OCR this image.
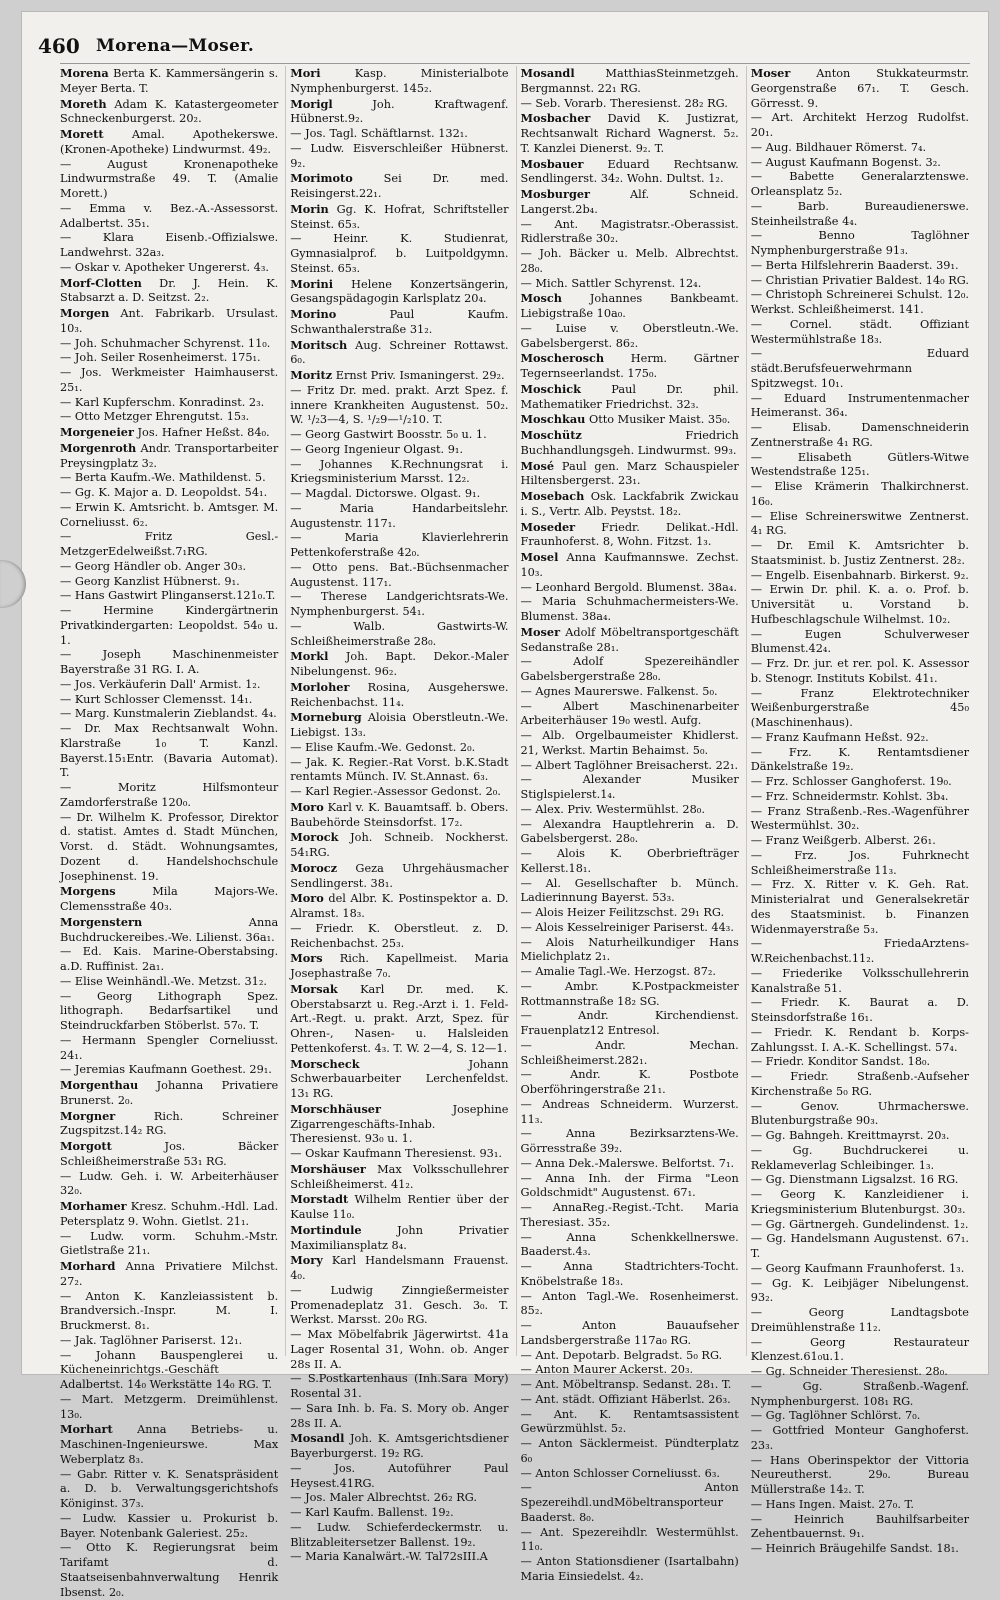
460 Morena—Moser.
Morena Berta K. Kammersängerin s. Meyer Berta. T.
Moreth Adam K. Katastergeometer Schneckenburgerst. 20₂.
Morett Amal. Apothekerswe. (Kronen-Apotheke) Lindwurmst. 49₂.
— August Kronenapotheke Lindwurmstraße 49. T. (Amalie Morett.)
— Emma v. Bez.-A.-Assessorst. Adalbertst. 35₁.
— Klara Eisenb.-Offizialswe. Landwehrst. 32a₃.
— Oskar v. Apotheker Ungererst. 4₃.
Morf-Clotten Dr. J. Hein. K. Stabsarzt a. D. Seitzst. 2₂.
Morgen Ant. Fabrikarb. Ursulast. 10₃.
— Joh. Schuhmacher Schyrenst. 11₀.
— Joh. Seiler Rosenheimerst. 175₁.
— Jos. Werkmeister Haimhauserst. 25₁.
— Karl Kupferschm. Konradinst. 2₃.
— Otto Metzger Ehrengutst. 15₃.
Morgeneier Jos. Hafner Heßst. 84₀.
Morgenroth Andr. Transportarbeiter Preysingplatz 3₂.
— Berta Kaufm.-We. Mathildenst. 5.
— Gg. K. Major a. D. Leopoldst. 54₁.
— Erwin K. Amtsricht. b. Amtsger. M. Corneliusst. 6₂.
— Fritz Gesl.-MetzgerEdelweißst.7₁RG.
— Georg Händler ob. Anger 30₃.
— Georg Kanzlist Hübnerst. 9₁.
— Hans Gastwirt Plinganserst.121₀.T.
— Hermine Kindergärtnerin Privatkindergarten: Leopoldst. 54₀ u. 1.
— Joseph Maschinenmeister Bayerstraße 31 RG. I. A.
— Jos. Verkäuferin Dall' Armist. 1₂.
— Kurt Schlosser Clemensst. 14₁.
— Marg. Kunstmalerin Zieblandst. 4₄.
— Dr. Max Rechtsanwalt Wohn. Klarstraße 1₀ T. Kanzl. Bayerst.15₁Entr. (Bavaria Automat). T.
— Moritz Hilfsmonteur Zamdorferstraße 120₀.
— Dr. Wilhelm K. Professor, Direktor d. statist. Amtes d. Stadt München, Vorst. d. Städt. Wohnungsamtes, Dozent d. Handelshochschule Josephinenst. 19.
Morgens Mila Majors-We. Clemensstraße 40₃.
Morgenstern Anna Buchdruckereibes.-We. Lilienst. 36a₁.
— Ed. Kais. Marine-Oberstabsing. a.D. Ruffinist. 2a₁.
— Elise Weinhändl.-We. Metzst. 31₂.
— Georg Lithograph Spez. lithograph. Bedarfsartikel und Steindruckfarben Stöberlst. 57₀. T.
— Hermann Spengler Corneliusst. 24₁.
— Jeremias Kaufmann Goethest. 29₁.
Morgenthau Johanna Privatiere Brunerst. 2₀.
Morgner Rich. Schreiner Zugspitzst.14₂ RG.
Morgott Jos. Bäcker Schleißheimerstraße 53₁ RG.
— Ludw. Geh. i. W. Arbeiterhäuser 32₀.
Morhamer Kresz. Schuhm.-Hdl. Lad. Petersplatz 9. Wohn. Gietlst. 21₁.
— Ludw. vorm. Schuhm.-Mstr. Gietlstraße 21₁.
Morhard Anna Privatiere Milchst. 27₂.
— Anton K. Kanzleiassistent b. Brandversich.-Inspr. M. I. Bruckmerst. 8₁.
— Jak. Taglöhner Pariserst. 12₁.
— Johann Bauspenglerei u. Kücheneinrichtgs.-Geschäft Adalbertst. 14₀ Werkstätte 14₀ RG. T.
— Mart. Metzgerm. Dreimühlenst. 13₀.
Morhart Anna Betriebs- u. Maschinen-Ingenieurswe. Max Weberplatz 8₃.
— Gabr. Ritter v. K. Senatspräsident a. D. b. Verwaltungsgerichtshofs Königinst. 37₃.
— Ludw. Kassier u. Prokurist b. Bayer. Notenbank Galeriest. 25₂.
— Otto K. Regierungsrat beim Tarifamt d. Staatseisenbahnverwaltung Henrik Ibsenst. 2₀.
Mori Kasp. Ministerialbote Nymphenburgerst. 145₂.
Morigl Joh. Kraftwagenf. Hübnerst.9₂.
— Jos. Tagl. Schäftlarnst. 132₁.
— Ludw. Eisverschleißer Hübnerst. 9₂.
Morimoto Sei Dr. med. Reisingerst.22₁.
Morin Gg. K. Hofrat, Schriftsteller Steinst. 65₃.
— Heinr. K. Studienrat, Gymnasialprof. b. Luitpoldgymn. Steinst. 65₃.
Morini Helene Konzertsängerin, Gesangspädagogin Karlsplatz 20₄.
Morino Paul Kaufm. Schwanthalerstraße 31₂.
Moritsch Aug. Schreiner Rottawst. 6₀.
Moritz Ernst Priv. Ismaningerst. 29₂.
— Fritz Dr. med. prakt. Arzt Spez. f. innere Krankheiten Augustenst. 50₂. W. ¹/₂3—4, S. ¹/₂9—¹/₂10. T.
— Georg Gastwirt Boosstr. 5₀ u. 1.
— Georg Ingenieur Olgast. 9₁.
— Johannes K.Rechnungsrat i. Kriegsministerium Marsst. 12₂.
— Magdal. Dictorswe. Olgast. 9₁.
— Maria Handarbeitslehr. Augustenstr. 117₁.
— Maria Klavierlehrerin Pettenkoferstraße 42₀.
— Otto pens. Bat.-Büchsenmacher Augustenst. 117₁.
— Therese Landgerichtsrats-We. Nymphenburgerst. 54₁.
— Walb. Gastwirts-W. Schleißheimerstraße 28₀.
Morkl Joh. Bapt. Dekor.-Maler Nibelungenst. 96₂.
Morloher Rosina, Ausgeherswe. Reichenbachst. 11₄.
Morneburg Aloisia Oberstleutn.-We. Liebigst. 13₃.
— Elise Kaufm.-We. Gedonst. 2₀.
— Jak. K. Regier.-Rat Vorst. b.K.Stadt rentamts Münch. IV. St.Annast. 6₃.
— Karl Regier.-Assessor Gedonst. 2₀.
Moro Karl v. K. Bauamtsaff. b. Obers. Baubehörde Steinsdorfst. 17₂.
Morock Joh. Schneib. Nockherst. 54₁RG.
Morocz Geza Uhrgehäusmacher Sendlingerst. 38₁.
Moro del Albr. K. Postinspektor a. D. Alramst. 18₃.
— Friedr. K. Oberstleut. z. D. Reichenbachst. 25₃.
Mors Rich. Kapellmeist. Maria Josephastraße 7₀.
Morsak Karl Dr. med. K. Oberstabsarzt u. Reg.-Arzt i. 1. Feld-Art.-Regt. u. prakt. Arzt, Spez. für Ohren-, Nasen- u. Halsleiden Pettenkoferst. 4₃. T. W. 2—4, S. 12—1.
Morscheck Johann Schwerbauarbeiter Lerchenfeldst. 13₁ RG.
Morschhäuser Josephine Zigarrengeschäfts-Inhab. Theresienst. 93₀ u. 1.
— Oskar Kaufmann Theresienst. 93₁.
Morshäuser Max Volksschullehrer Schleißheimerst. 41₂.
Morstadt Wilhelm Rentier über der Kaulse 11₀.
Mortindule John Privatier Maximiliansplatz 8₄.
Mory Karl Handelsmann Frauenst. 4₀.
— Ludwig Zinngießermeister Promenadeplatz 31. Gesch. 3₀. T. Werkst. Marsst. 20₀ RG.
— Max Möbelfabrik Jägerwirtst. 41a Lager Rosental 31, Wohn. ob. Anger 28s II. A.
— S.Postkartenhaus (Inh.Sara Mory) Rosental 31.
— Sara Inh. b. Fa. S. Mory ob. Anger 28s II. A.
Mosandl Joh. K. Amtsgerichtsdiener Bayerburgerst. 19₂ RG.
— Jos. Autoführer Paul Heysest.41RG.
— Jos. Maler Albrechtst. 26₂ RG.
— Karl Kaufm. Ballenst. 19₂.
— Ludw. Schieferdeckermstr. u. Blitzableitersetzer Ballenst. 19₂.
— Maria Kanalwärt.-W. Tal72sIII.A
Mosandl MatthiasSteinmetzgeh. Bergmannst. 22₁ RG.
— Seb. Vorarb. Theresienst. 28₂ RG.
Mosbacher David K. Justizrat, Rechtsanwalt Richard Wagnerst. 5₂. T. Kanzlei Dienerst. 9₂. T.
Mosbauer Eduard Rechtsanw. Sendlingerst. 34₂. Wohn. Dultst. 1₂.
Mosburger Alf. Schneid. Langerst.2b₄.
— Ant. Magistratsr.-Oberassist. Ridlerstraße 30₂.
— Joh. Bäcker u. Melb. Albrechtst. 28₀.
— Mich. Sattler Schyrenst. 12₄.
Mosch Johannes Bankbeamt. Liebigstraße 10a₀.
— Luise v. Oberstleutn.-We. Gabelsbergerst. 86₂.
Moscherosch Herm. Gärtner Tegernseerlandst. 175₀.
Moschick Paul Dr. phil. Mathematiker Friedrichst. 32₃.
Moschkau Otto Musiker Maist. 35₀.
Moschütz Friedrich Buchhandlungsgeh. Lindwurmst. 99₃.
Mosé Paul gen. Marz Schauspieler Hiltensbergerst. 23₁.
Mosebach Osk. Lackfabrik Zwickau i. S., Vertr. Alb. Peystst. 18₂.
Moseder Friedr. Delikat.-Hdl. Fraunhoferst. 8, Wohn. Fitzst. 1₃.
Mosel Anna Kaufmannswe. Zechst. 10₃.
— Leonhard Bergold. Blumenst. 38a₄.
— Maria Schuhmachermeisters-We. Blumenst. 38a₄.
Moser Adolf Möbeltransportgeschäft Sedanstraße 28₁.
— Adolf Spezereihändler Gabelsbergerstraße 28₀.
— Agnes Maurerswe. Falkenst. 5₀.
— Albert Maschinenarbeiter Arbeiterhäuser 19₀ westl. Aufg.
— Alb. Orgelbaumeister Khidlerst. 21, Werkst. Martin Behaimst. 5₀.
— Albert Taglöhner Breisacherst. 22₁.
— Alexander Musiker Stiglspielerst.1₄.
— Alex. Priv. Westermühlst. 28₀.
— Alexandra Hauptlehrerin a. D. Gabelsbergerst. 28₀.
— Alois K. Oberbriefträger Kellerst.18₁.
— Al. Gesellschafter b. Münch. Ladierinnung Bayerst. 53₃.
— Alois Heizer Feilitzschst. 29₁ RG.
— Alois Kesselreiniger Pariserst. 44₃.
— Alois Naturheilkundiger Hans Mielichplatz 2₁.
— Amalie Tagl.-We. Herzogst. 87₂.
— Ambr. K.Postpackmeister Rottmannstraße 18₂ SG.
— Andr. Kirchendienst. Frauenplatz12 Entresol.
— Andr. Mechan. Schleißheimerst.282₁.
— Andr. K. Postbote Oberföhringerstraße 21₁.
— Andreas Schneiderm. Wurzerst. 11₃.
— Anna Bezirksarztens-We. Görresstraße 39₂.
— Anna Dek.-Malerswe. Belfortst. 7₁.
— Anna Inh. der Firma "Leon Goldschmidt" Augustenst. 67₁.
— AnnaReg.-Regist.-Tcht. Maria Theresiast. 35₂.
— Anna Schenkkellnerswe. Baaderst.4₃.
— Anna Stadtrichters-Tocht. Knöbelstraße 18₃.
— Anton Tagl.-We. Rosenheimerst. 85₂.
— Anton Bauaufseher Landsbergerstraße 117a₀ RG.
— Ant. Depotarb. Belgradst. 5₀ RG.
— Anton Maurer Ackerst. 20₃.
— Ant. Möbeltransp. Sedanst. 28₁. T.
— Ant. städt. Offiziant Häberlst. 26₃.
— Ant. K. Rentamtsassistent Gewürzmühlst. 5₂.
— Anton Säcklermeist. Pündterplatz 6₀
— Anton Schlosser Corneliusst. 6₃.
— Anton Spezereihdl.undMöbeltransporteur Baaderst. 8₀.
— Ant. Spezereihdlr. Westermühlst. 11₀.
— Anton Stationsdiener (Isartalbahn) Maria Einsiedelst. 4₂.
Moser Anton Stukkateurmstr. Georgenstraße 67₁. T. Gesch. Görresst. 9.
— Art. Architekt Herzog Rudolfst. 20₁.
— Aug. Bildhauer Römerst. 7₄.
— August Kaufmann Bogenst. 3₂.
— Babette Generalarztenswe. Orleansplatz 5₂.
— Barb. Bureaudienerswe. Steinheilstraße 4₄.
— Benno Taglöhner Nymphenburgerstraße 91₃.
— Berta Hilfslehrerin Baaderst. 39₁.
— Christian Privatier Baldest. 14₀ RG.
— Christoph Schreinerei Schulst. 12₀. Werkst. Schleißheimerst. 141.
— Cornel. städt. Offiziant Westermühlstraße 18₃.
— Eduard städt.Berufsfeuerwehrmann Spitzwegst. 10₁.
— Eduard Instrumentenmacher Heimeranst. 36₄.
— Elisab. Damenschneiderin Zentnerstraße 4₁ RG.
— Elisabeth Gütlers-Witwe Westendstraße 125₁.
— Elise Krämerin Thalkirchnerst. 16₀.
— Elise Schreinerswitwe Zentnerst. 4₁ RG.
— Dr. Emil K. Amtsrichter b. Staatsminist. b. Justiz Zentnerst. 28₂.
— Engelb. Eisenbahnarb. Birkerst. 9₂.
— Erwin Dr. phil. K. a. o. Prof. b. Universität u. Vorstand b. Hufbeschlagschule Wilhelmst. 10₂.
— Eugen Schulverweser Blumenst.42₄.
— Frz. Dr. jur. et rer. pol. K. Assessor b. Stenogr. Instituts Kobilst. 41₁.
— Franz Elektrotechniker Weißenburgerstraße 45₀ (Maschinenhaus).
— Franz Kaufmann Heßst. 92₂.
— Frz. K. Rentamtsdiener Dänkelstraße 19₂.
— Frz. Schlosser Ganghoferst. 19₀.
— Frz. Schneidermstr. Kohlst. 3b₄.
— Franz Straßenb.-Res.-Wagenführer Westermühlst. 30₂.
— Franz Weißgerb. Alberst. 26₁.
— Frz. Jos. Fuhrknecht Schleißheimerstraße 11₃.
— Frz. X. Ritter v. K. Geh. Rat. Ministerialrat und Generalsekretär des Staatsminist. b. Finanzen Widenmayerstraße 5₃.
— FriedaArztens-W.Reichenbachst.11₂.
— Friederike Volksschullehrerin Kanalstraße 51.
— Friedr. K. Baurat a. D. Steinsdorfstraße 16₁.
— Friedr. K. Rendant b. Korps-Zahlungsst. I. A.-K. Schellingst. 57₄.
— Friedr. Konditor Sandst. 18₀.
— Friedr. Straßenb.-Aufseher Kirchenstraße 5₀ RG.
— Genov. Uhrmacherswe. Blutenburgstraße 90₃.
— Gg. Bahngeh. Kreittmayrst. 20₃.
— Gg. Buchdruckerei u. Reklameverlag Schleibinger. 1₃.
— Gg. Dienstmann Ligsalzst. 16 RG.
— Georg K. Kanzleidiener i. Kriegsministerium Blutenburgst. 30₃.
— Gg. Gärtnergeh. Gundelindenst. 1₂.
— Gg. Handelsmann Augustenst. 67₁. T.
— Georg Kaufmann Fraunhoferst. 1₃.
— Gg. K. Leibjäger Nibelungenst. 93₂.
— Georg Landtagsbote Dreimühlenstraße 11₂.
— Georg Restaurateur Klenzest.61₀u.1.
— Gg. Schneider Theresienst. 28₀.
— Gg. Straßenb.-Wagenf. Nymphenburgerst. 108₁ RG.
— Gg. Taglöhner Schlörst. 7₀.
— Gottfried Monteur Ganghoferst. 23₃.
— Hans Oberinspektor der Vittoria Neureutherst. 29₀. Bureau Müllerstraße 14₂. T.
— Hans Ingen. Maist. 27₀. T.
— Heinrich Bauhilfsarbeiter Zehentbauernst. 9₁.
— Heinrich Bräugehilfe Sandst. 18₁.
